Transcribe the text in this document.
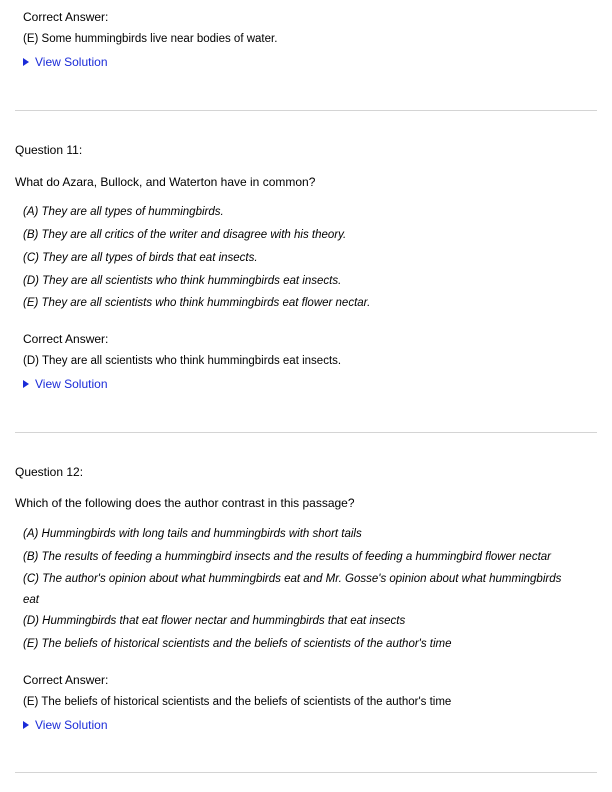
Correct Answer:
(E) Some hummingbirds live near bodies of water.
View Solution
Question 11:
What do Azara, Bullock, and Waterton have in common?
(A) They are all types of hummingbirds.
(B) They are all critics of the writer and disagree with his theory.
(C) They are all types of birds that eat insects.
(D) They are all scientists who think hummingbirds eat insects.
(E) They are all scientists who think hummingbirds eat flower nectar.
Correct Answer:
(D) They are all scientists who think hummingbirds eat insects.
View Solution
Question 12:
Which of the following does the author contrast in this passage?
(A) Hummingbirds with long tails and hummingbirds with short tails
(B) The results of feeding a hummingbird insects and the results of feeding a hummingbird flower nectar
(C) The author's opinion about what hummingbirds eat and Mr. Gosse's opinion about what hummingbirds
eat
(D) Hummingbirds that eat flower nectar and hummingbirds that eat insects
(E) The beliefs of historical scientists and the beliefs of scientists of the author's time
Correct Answer:
(E) The beliefs of historical scientists and the beliefs of scientists of the author's time
View Solution
